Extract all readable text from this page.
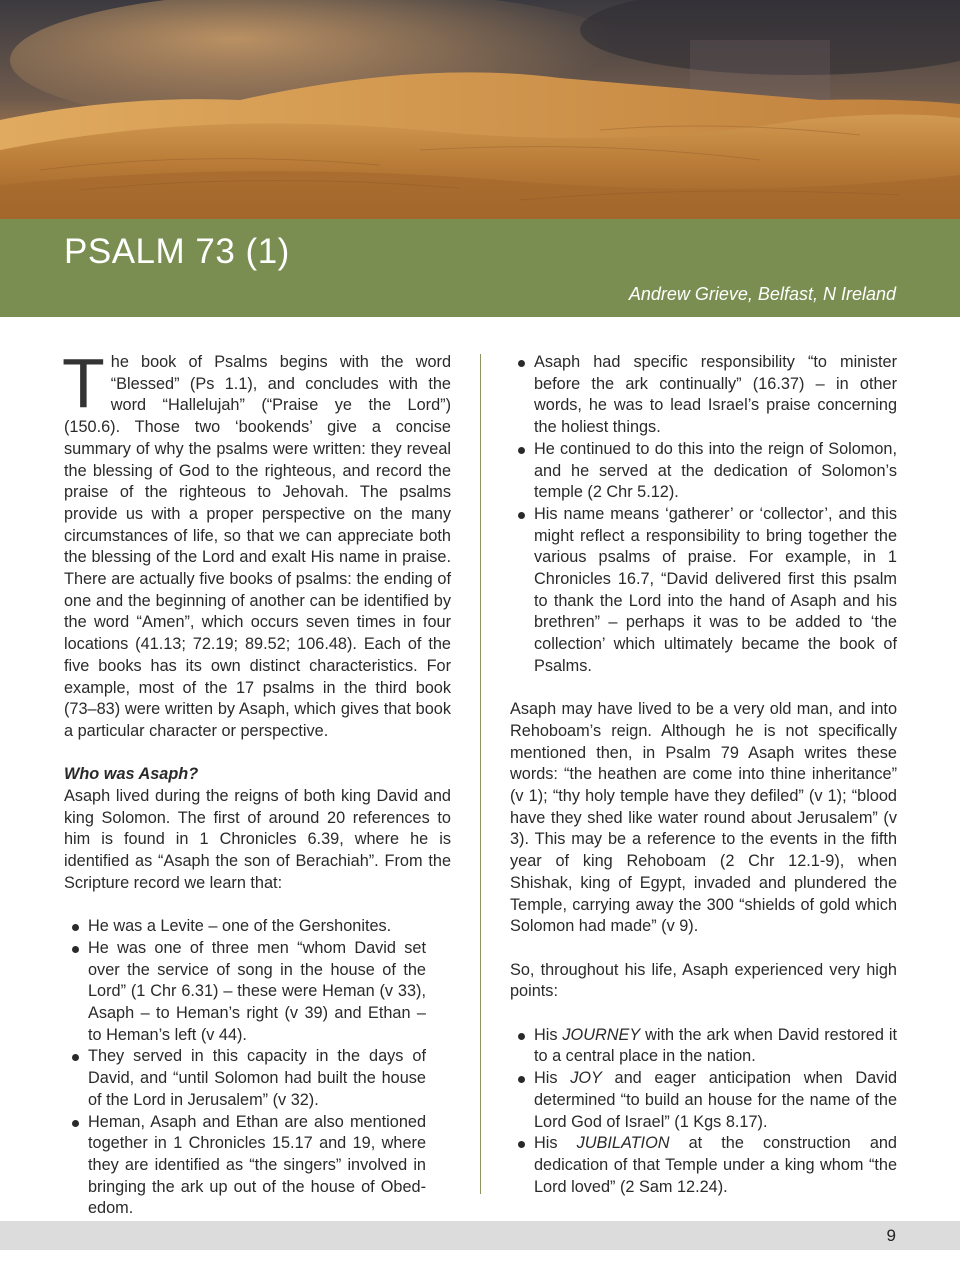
PSALM 73 (1)
Andrew Grieve, Belfast, N Ireland

The book of Psalms begins with the word “Blessed” (Ps 1.1), and concludes with the word “Hallelujah” (“Praise ye the Lord”) (150.6). Those two ‘bookends’ give a concise summary of why the psalms were written: they reveal the blessing of God to the righteous, and record the praise of the righteous to Jehovah. The psalms provide us with a proper perspective on the many circumstances of life, so that we can appreciate both the blessing of the Lord and exalt His name in praise. There are actually five books of psalms: the ending of one and the beginning of another can be identified by the word “Amen”, which occurs seven times in four locations (41.13; 72.19; 89.52; 106.48). Each of the five books has its own distinct characteristics. For example, most of the 17 psalms in the third book (73–83) were written by Asaph, which gives that book a particular character or perspective.

Who was Asaph?

Asaph lived during the reigns of both king David and king Solomon. The first of around 20 references to him is found in 1 Chronicles 6.39, where he is identified as “Asaph the son of Berachiah”. From the Scripture record we learn that:

He was a Levite – one of the Gershonites.
He was one of three men “whom David set over the service of song in the house of the Lord” (1 Chr 6.31) – these were Heman (v 33), Asaph – to Heman’s right (v 39) and Ethan – to Heman’s left (v 44).
They served in this capacity in the days of David, and “until Solomon had built the house of the Lord in Jerusalem” (v 32).
Heman, Asaph and Ethan are also mentioned together in 1 Chronicles 15.17 and 19, where they are identified as “the singers” involved in bringing the ark up out of the house of Obed-edom.
Asaph had specific responsibility “to minister before the ark continually” (16.37) – in other words, he was to lead Israel’s praise concerning the holiest things.
He continued to do this into the reign of Solomon, and he served at the dedication of Solomon’s temple (2 Chr 5.12).
His name means ‘gatherer’ or ‘collector’, and this might reflect a responsibility to bring together the various psalms of praise. For example, in 1 Chronicles 16.7, “David delivered first this psalm to thank the Lord into the hand of Asaph and his brethren” – perhaps it was to be added to ‘the collection’ which ultimately became the book of Psalms.

Asaph may have lived to be a very old man, and into Rehoboam’s reign. Although he is not specifically mentioned then, in Psalm 79 Asaph writes these words: “the heathen are come into thine inheritance” (v 1); “thy holy temple have they defiled” (v 1); “blood have they shed like water round about Jerusalem” (v 3). This may be a reference to the events in the fifth year of king Rehoboam (2 Chr 12.1-9), when Shishak, king of Egypt, invaded and plundered the Temple, carrying away the 300 “shields of gold which Solomon had made” (v 9).

So, throughout his life, Asaph experienced very high points:

His JOURNEY with the ark when David restored it to a central place in the nation.
His JOY and eager anticipation when David determined “to build an house for the name of the Lord God of Israel” (1 Kgs 8.17).
His JUBILATION at the construction and dedication of that Temple under a king whom “the Lord loved” (2 Sam 12.24).
9
